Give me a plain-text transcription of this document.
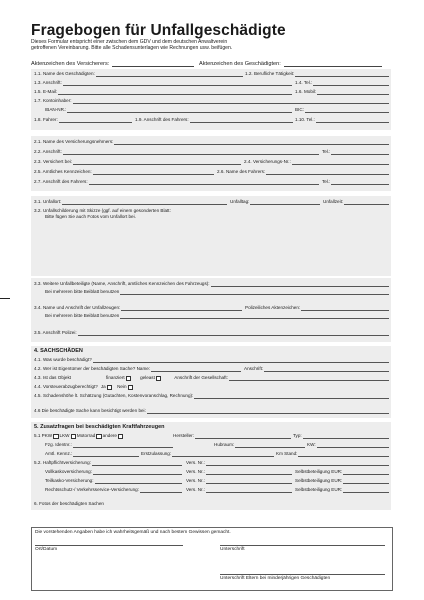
Fragebogen für Unfallgeschädigte
Dieses Formular entspricht einer zwischen dem GDV und dem deutschen Anwaltverein
getroffenen Vereinbarung. Bitte alle Schadensunterlagen wie Rechnungen usw. beifügen.
Aktenzeichen des Versicherers:	Aktenzeichen des Geschädigten:
1.1. Name des Geschädigten:	1.2. Berufliche Tätigkeit:
1.3. Anschrift:	1.4. Tel.:
1.5. E-Mail:	1.6. Mobil:
1.7. Kontoinhaber:
IBAN-NR.:	BIC:
1.8. Fahrer:	1.9. Anschrift des Fahrers:	1.10. Tel.:
2.1. Name des Versicherungsnehmers:
2.2. Anschrift:	Tel.:
2.3. Versichert bei:	2.4. Versicherungs-Nr.:
2.5. Amtliches Kennzeichen:	2.6. Name des Fahrers:
2.7. Anschrift des Fahrers:	Tel.:
3.1. Unfallort:	Unfalltag:	Unfallzeit:
3.2. Unfallschilderung mit Skizze (ggf. auf einem gesonderten Blatt:
Bitte fügen Sie auch Fotos vom Unfallort bei.
3.3. Weitere Unfallbeteiligte (Name, Anschrift, amtliches Kennzeichen des Fahrzeugs):
Bei mehreren bitte Beiblatt benutzen
3.4. Name und Anschrift der Unfallzeugen:	Polizeiliches Aktenzeichen:
Bei mehreren bitte Beiblatt benutzen
3.5. Anschrift Polizei:
4. SACHSCHÄDEN
4.1. Was wurde beschädigt?
4.2. Wer ist Eigentümer der beschädigten Sache? Name:	Anschrift:
4.3. Ist das Objekt	finanziert	geleast	Anschrift der Gesellschaft:
4.4. Vorsteuerabzugberechtigt? Ja Nein
4.5. Schadenshöhe lt. Schätzung (Gutachten, Kostenvoranschlag, Rechnung):
4.6 Die beschädigte Sache kann besichtigt werden bei:
5. Zusatzfragen bei beschädigten Kraftfahrzeugen
5.1 PKW LKW Motorrad andere	Hersteller:	Typ:
Fzg. Identnr.:	Hubraum:	KW:
Amtl. Kennz.:	Erstzulassung:	Km Stand:
5.2. Haftpflichtversicherung:	Vers. Nr.:
Vollkaskoversicherung:	Vers. Nr.:	Selbstbeteiligung EUR:
Teilkasko-Versicherung:	Vers. Nr.:	Selbstbeteiligung EUR:
Rechtsschutz-/ Verkehrsservice-Versicherung:	Vers. Nr.:	Selbstbeteiligung EUR:
6. Fotos der beschädigten Sachen
Die vorstehenden Angaben habe ich wahrheitsgemäß und nach bestem Gewissen gemacht.
Ort/Datum	Unterschrift
Unterschrift Eltern bei minderjährigen Geschädigten
